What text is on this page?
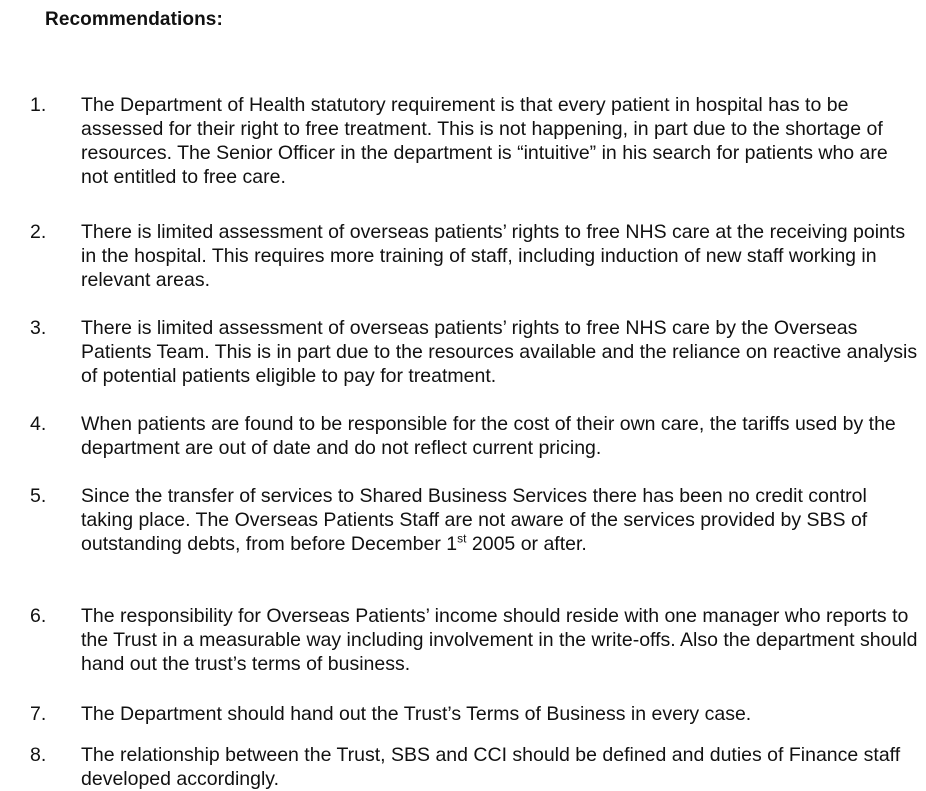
Recommendations:
1. The Department of Health statutory requirement is that every patient in hospital has to be assessed for their right to free treatment. This is not happening, in part due to the shortage of resources. The Senior Officer in the department is “intuitive” in his search for patients who are not entitled to free care.

2. There is limited assessment of overseas patients’ rights to free NHS care at the receiving points in the hospital. This requires more training of staff, including induction of new staff working in relevant areas.

3. There is limited assessment of overseas patients’ rights to free NHS care by the Overseas Patients Team. This is in part due to the resources available and the reliance on reactive analysis of potential patients eligible to pay for treatment.

4. When patients are found to be responsible for the cost of their own care, the tariffs used by the department are out of date and do not reflect current pricing.

5. Since the transfer of services to Shared Business Services there has been no credit control taking place. The Overseas Patients Staff are not aware of the services provided by SBS of outstanding debts, from before December 1st 2005 or after.

6. The responsibility for Overseas Patients’ income should reside with one manager who reports to the Trust in a measurable way including involvement in the write-offs. Also the department should hand out the trust’s terms of business.

7. The Department should hand out the Trust’s Terms of Business in every case.

8. The relationship between the Trust, SBS and CCI should be defined and duties of Finance staff developed accordingly.
